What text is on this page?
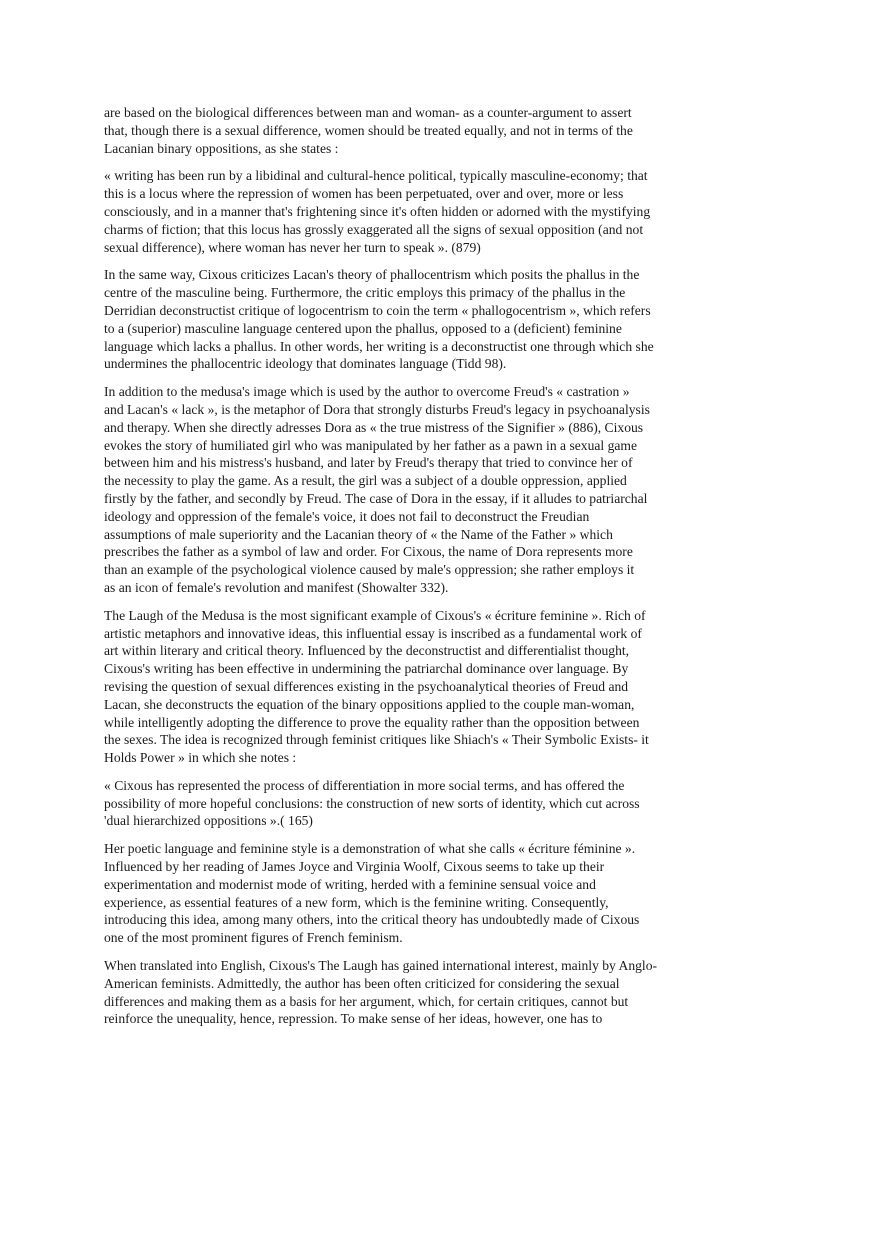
are based on the biological differences between man and woman- as a counter-argument to assert
that, though there is a sexual difference, women should be treated equally, and not in terms of the
Lacanian binary oppositions, as she states :

« writing has been run by a libidinal and cultural-hence political, typically masculine-economy; that
this is a locus where the repression of women has been perpetuated, over and over, more or less
consciously, and in a manner that's frightening since it's often hidden or adorned with the mystifying
charms of fiction; that this locus has grossly exaggerated all the signs of sexual opposition (and not
sexual difference), where woman has never her turn to speak ». (879)

In the same way, Cixous criticizes Lacan's theory of phallocentrism which posits the phallus in the
centre of the masculine being. Furthermore, the critic employs this primacy of the phallus in the
Derridian deconstructist critique of logocentrism to coin the term « phallogocentrism », which refers
to a (superior) masculine language centered upon the phallus, opposed to a (deficient) feminine
language which lacks a phallus. In other words, her writing is a deconstructist one through which she
undermines the phallocentric ideology that dominates language (Tidd 98).

In addition to the medusa's image which is used by the author to overcome Freud's « castration »
and Lacan's « lack », is the metaphor of Dora that strongly disturbs Freud's legacy in psychoanalysis
and therapy. When she directly adresses Dora as « the true mistress of the Signifier » (886), Cixous
evokes the story of humiliated girl who was manipulated by her father as a pawn in a sexual game
between him and his mistress's husband, and later by Freud's therapy that tried to convince her of
the necessity to play the game. As a result, the girl was a subject of a double oppression, applied
firstly by the father, and secondly by Freud. The case of Dora in the essay, if it alludes to patriarchal
ideology and oppression of the female's voice, it does not fail to deconstruct the Freudian
assumptions of male superiority and the Lacanian theory of « the Name of the Father » which
prescribes the father as a symbol of law and order. For Cixous, the name of Dora represents more
than an example of the psychological violence caused by male's oppression; she rather employs it
as an icon of female's revolution and manifest (Showalter 332).

The Laugh of the Medusa is the most significant example of Cixous's « écriture feminine ». Rich of
artistic metaphors and innovative ideas, this influential essay is inscribed as a fundamental work of
art within literary and critical theory. Influenced by the deconstructist and differentialist thought,
Cixous's writing has been effective in undermining the patriarchal dominance over language. By
revising the question of sexual differences existing in the psychoanalytical theories of Freud and
Lacan, she deconstructs the equation of the binary oppositions applied to the couple man-woman,
while intelligently adopting the difference to prove the equality rather than the opposition between
the sexes. The idea is recognized through feminist critiques like Shiach's « Their Symbolic Exists- it
Holds Power » in which she notes :

« Cixous has represented the process of differentiation in more social terms, and has offered the
possibility of more hopeful conclusions: the construction of new sorts of identity, which cut across
'dual hierarchized oppositions ».( 165)

Her poetic language and feminine style is a demonstration of what she calls « écriture féminine ».
Influenced by her reading of James Joyce and Virginia Woolf, Cixous seems to take up their
experimentation and modernist mode of writing, herded with a feminine sensual voice and
experience, as essential features of a new form, which is the feminine writing. Consequently,
introducing this idea, among many others, into the critical theory has undoubtedly made of Cixous
one of the most prominent figures of French feminism.

When translated into English, Cixous's The Laugh has gained international interest, mainly by Anglo-
American feminists. Admittedly, the author has been often criticized for considering the sexual
differences and making them as a basis for her argument, which, for certain critiques, cannot but
reinforce the unequality, hence, repression. To make sense of her ideas, however, one has to
